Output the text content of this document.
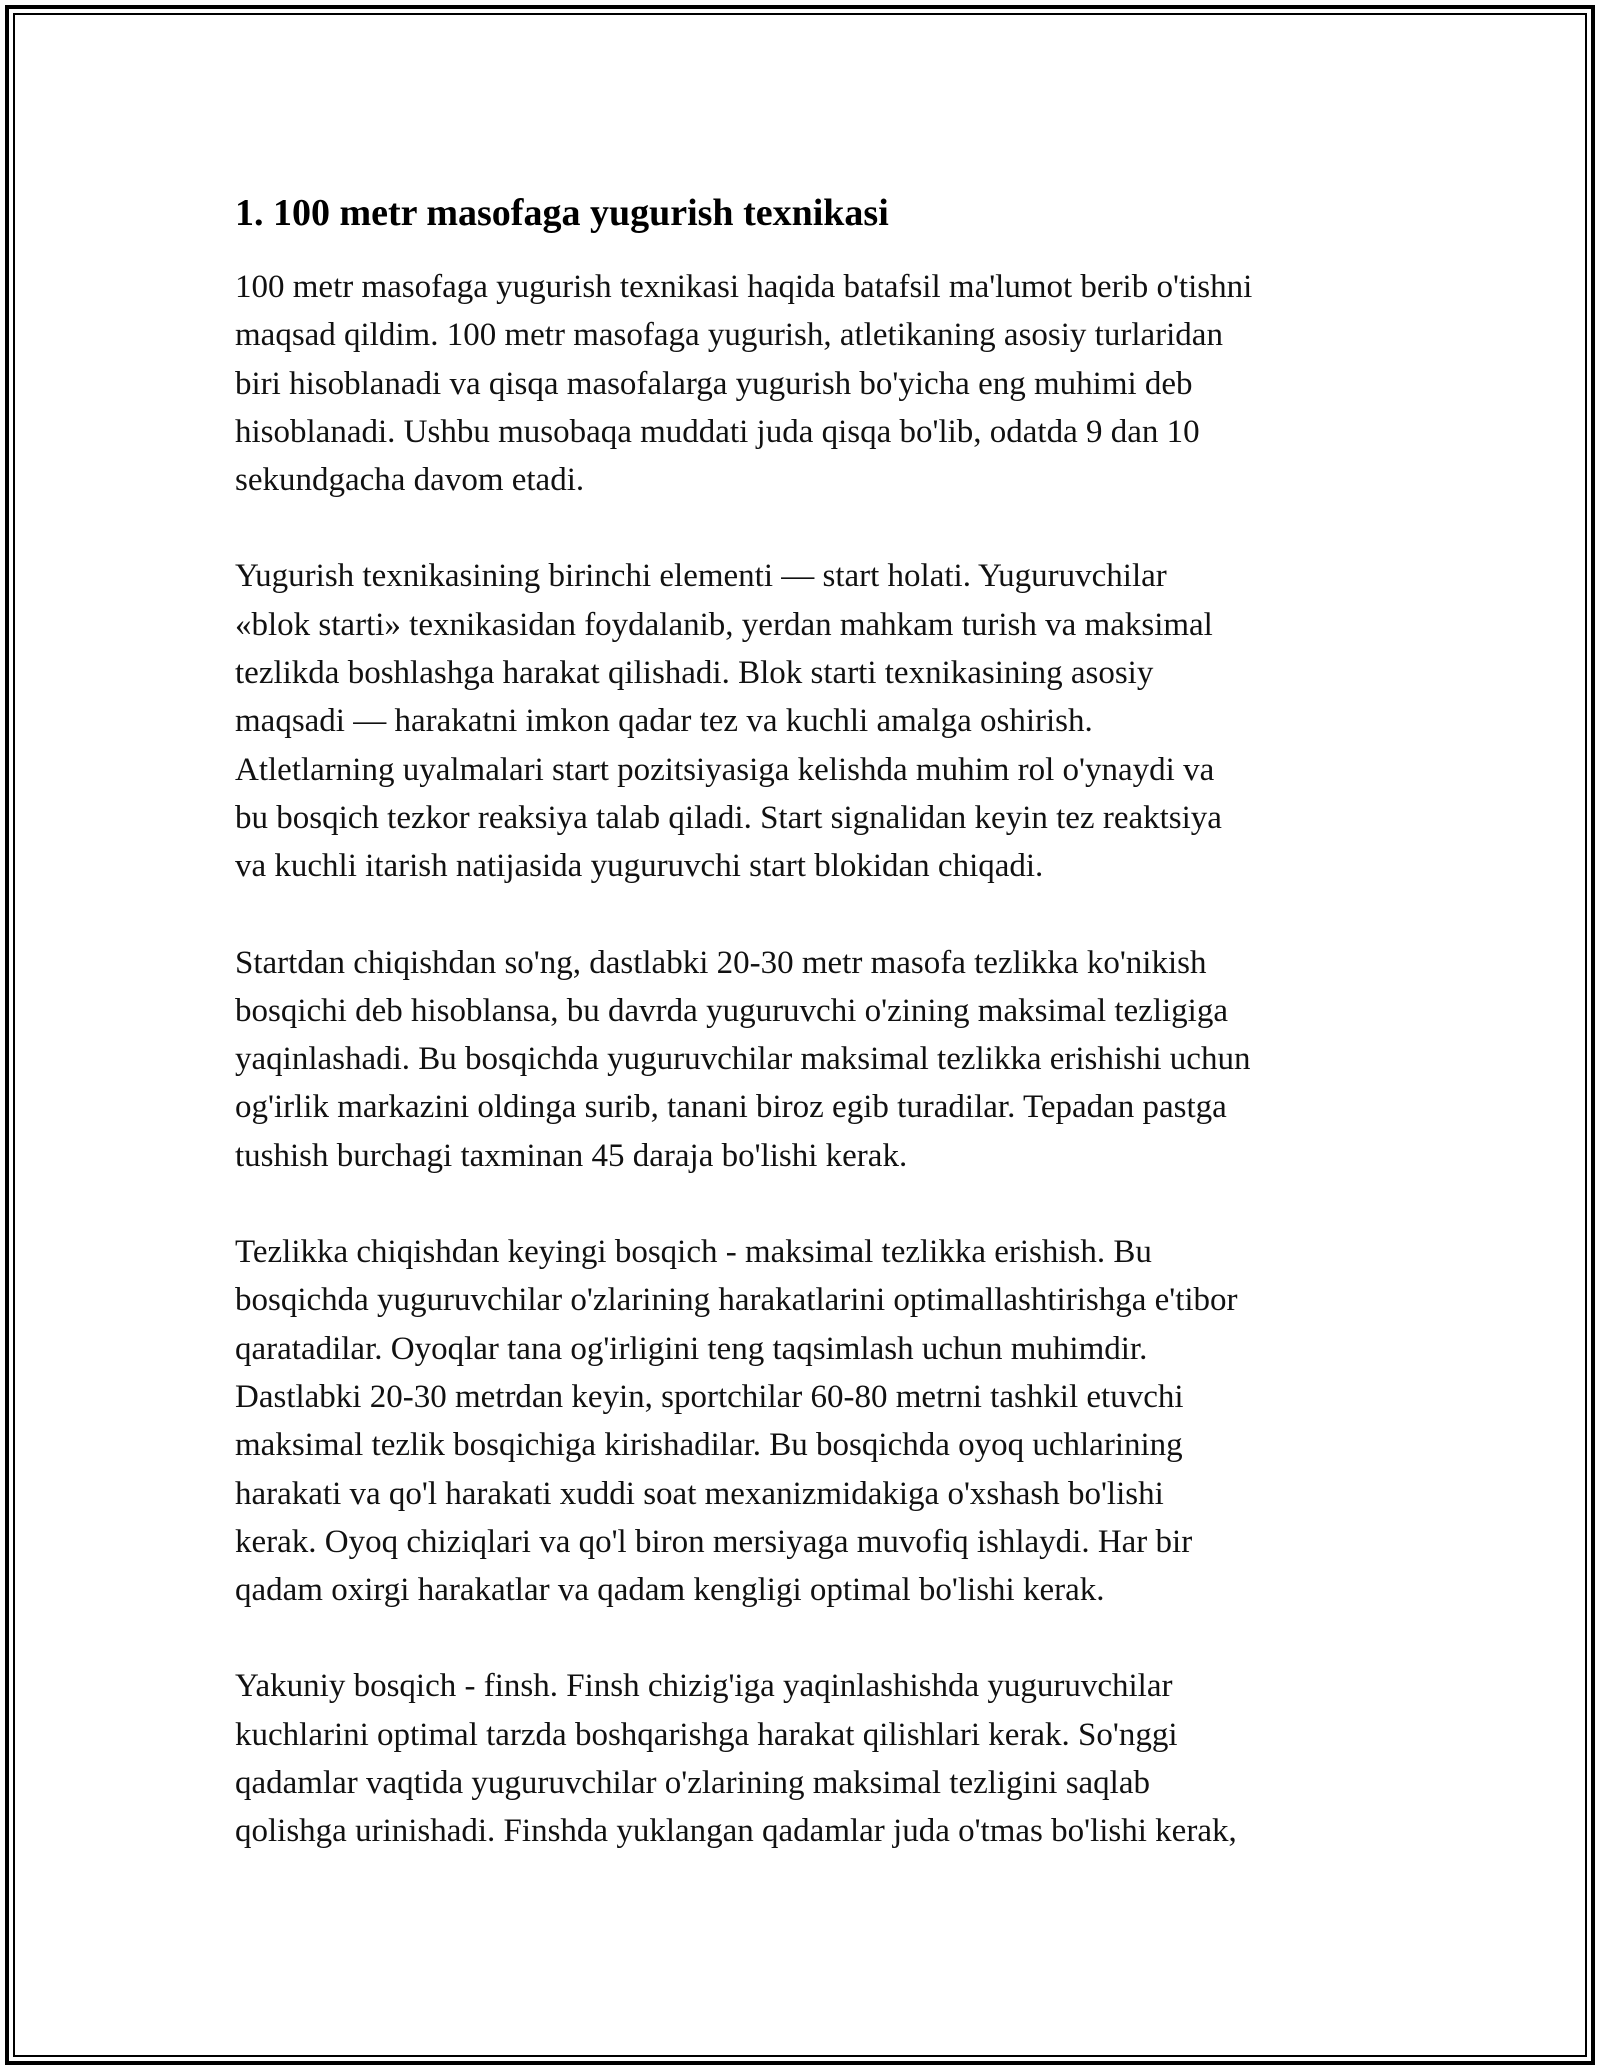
1. 100 metr masofaga yugurish texnikasi

100 metr masofaga yugurish texnikasi haqida batafsil ma'lumot berib o'tishni
maqsad qildim. 100 metr masofaga yugurish, atletikaning asosiy turlaridan
biri hisoblanadi va qisqa masofalarga yugurish bo'yicha eng muhimi deb
hisoblanadi. Ushbu musobaqa muddati juda qisqa bo'lib, odatda 9 dan 10
sekundgacha davom etadi.

Yugurish texnikasining birinchi elementi — start holati. Yuguruvchilar
«blok starti» texnikasidan foydalanib, yerdan mahkam turish va maksimal
tezlikda boshlashga harakat qilishadi. Blok starti texnikasining asosiy
maqsadi — harakatni imkon qadar tez va kuchli amalga oshirish.
Atletlarning uyalmalari start pozitsiyasiga kelishda muhim rol o'ynaydi va
bu bosqich tezkor reaksiya talab qiladi. Start signalidan keyin tez reaktsiya
va kuchli itarish natijasida yuguruvchi start blokidan chiqadi.

Startdan chiqishdan so'ng, dastlabki 20-30 metr masofa tezlikka ko'nikish
bosqichi deb hisoblansa, bu davrda yuguruvchi o'zining maksimal tezligiga
yaqinlashadi. Bu bosqichda yuguruvchilar maksimal tezlikka erishishi uchun
og'irlik markazini oldinga surib, tanani biroz egib turadilar. Tepadan pastga
tushish burchagi taxminan 45 daraja bo'lishi kerak.

Tezlikka chiqishdan keyingi bosqich - maksimal tezlikka erishish. Bu
bosqichda yuguruvchilar o'zlarining harakatlarini optimallashtirishga e'tibor
qaratadilar. Oyoqlar tana og'irligini teng taqsimlash uchun muhimdir.
Dastlabki 20-30 metrdan keyin, sportchilar 60-80 metrni tashkil etuvchi
maksimal tezlik bosqichiga kirishadilar. Bu bosqichda oyoq uchlarining
harakati va qo'l harakati xuddi soat mexanizmidakiga o'xshash bo'lishi
kerak. Oyoq chiziqlari va qo'l biron mersiyaga muvofiq ishlaydi. Har bir
qadam oxirgi harakatlar va qadam kengligi optimal bo'lishi kerak.

Yakuniy bosqich - finsh. Finsh chizig'iga yaqinlashishda yuguruvchilar
kuchlarini optimal tarzda boshqarishga harakat qilishlari kerak. So'nggi
qadamlar vaqtida yuguruvchilar o'zlarining maksimal tezligini saqlab
qolishga urinishadi. Finshda yuklangan qadamlar juda o'tmas bo'lishi kerak,
